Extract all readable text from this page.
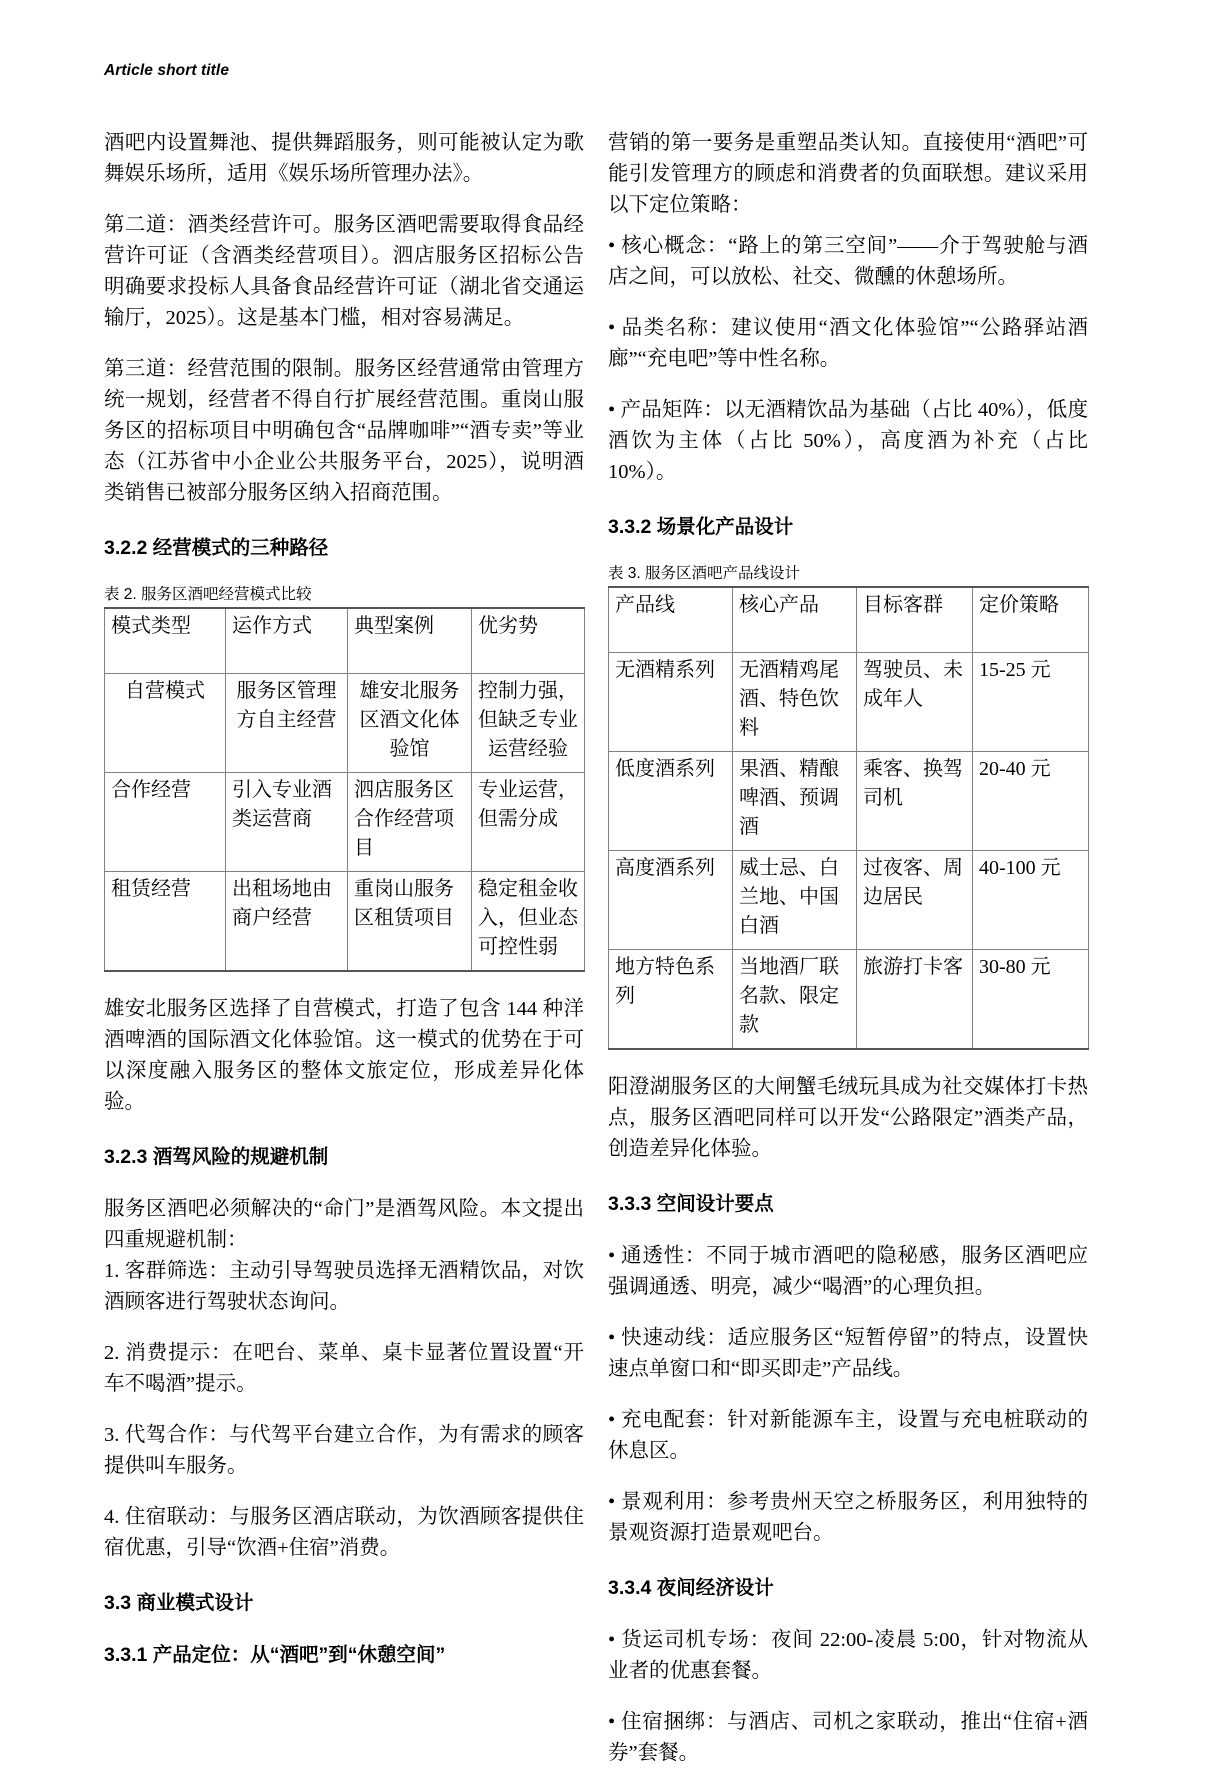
Article short title

酒吧内设置舞池、提供舞蹈服务，则可能被认定为歌舞娱乐场所，适用《娱乐场所管理办法》。

第二道：酒类经营许可。服务区酒吧需要取得食品经营许可证（含酒类经营项目）。泗店服务区招标公告明确要求投标人具备食品经营许可证（湖北省交通运输厅，2025）。这是基本门槛，相对容易满足。

第三道：经营范围的限制。服务区经营通常由管理方统一规划，经营者不得自行扩展经营范围。重岗山服务区的招标项目中明确包含“品牌咖啡”“酒专卖”等业态（江苏省中小企业公共服务平台，2025），说明酒类销售已被部分服务区纳入招商范围。

3.2.2 经营模式的三种路径
表 2. 服务区酒吧经营模式比较
模式类型	运作方式	典型案例	优劣势
自营模式	服务区管理方自主经营	雄安北服务区酒文化体验馆	控制力强，但缺乏专业运营经验
合作经营	引入专业酒类运营商	泗店服务区合作经营项目	专业运营，但需分成
租赁经营	出租场地由商户经营	重岗山服务区租赁项目	稳定租金收入，但业态可控性弱

雄安北服务区选择了自营模式，打造了包含 144 种洋酒啤酒的国际酒文化体验馆。这一模式的优势在于可以深度融入服务区的整体文旅定位，形成差异化体验。

3.2.3 酒驾风险的规避机制

服务区酒吧必须解决的“命门”是酒驾风险。本文提出四重规避机制：

1. 客群筛选：主动引导驾驶员选择无酒精饮品，对饮酒顾客进行驾驶状态询问。

2. 消费提示：在吧台、菜单、桌卡显著位置设置“开车不喝酒”提示。

3. 代驾合作：与代驾平台建立合作，为有需求的顾客提供叫车服务。

4. 住宿联动：与服务区酒店联动，为饮酒顾客提供住宿优惠，引导“饮酒+住宿”消费。

3.3 商业模式设计
3.3.1 产品定位：从“酒吧”到“休憩空间”

营销的第一要务是重塑品类认知。直接使用“酒吧”可能引发管理方的顾虑和消费者的负面联想。建议采用以下定位策略：

• 核心概念：“路上的第三空间”——介于驾驶舱与酒店之间，可以放松、社交、微醺的休憩场所。

• 品类名称：建议使用“酒文化体验馆”“公路驿站酒廊”“充电吧”等中性名称。

• 产品矩阵：以无酒精饮品为基础（占比 40%），低度酒饮为主体（占比 50%），高度酒为补充（占比 10%）。

3.3.2 场景化产品设计
表 3. 服务区酒吧产品线设计
产品线	核心产品	目标客群	定价策略
无酒精系列	无酒精鸡尾酒、特色饮料	驾驶员、未成年人	15-25 元
低度酒系列	果酒、精酿啤酒、预调酒	乘客、换驾司机	20-40 元
高度酒系列	威士忌、白兰地、中国白酒	过夜客、周边居民	40-100 元
地方特色系列	当地酒厂联名款、限定款	旅游打卡客	30-80 元

阳澄湖服务区的大闸蟹毛绒玩具成为社交媒体打卡热点，服务区酒吧同样可以开发“公路限定”酒类产品，创造差异化体验。

3.3.3 空间设计要点

• 通透性：不同于城市酒吧的隐秘感，服务区酒吧应强调通透、明亮，减少“喝酒”的心理负担。

• 快速动线：适应服务区“短暂停留”的特点，设置快速点单窗口和“即买即走”产品线。

• 充电配套：针对新能源车主，设置与充电桩联动的休息区。

• 景观利用：参考贵州天空之桥服务区，利用独特的景观资源打造景观吧台。

3.3.4 夜间经济设计

• 货运司机专场：夜间 22:00-凌晨 5:00，针对物流从业者的优惠套餐。

• 住宿捆绑：与酒店、司机之家联动，推出“住宿+酒券”套餐。
